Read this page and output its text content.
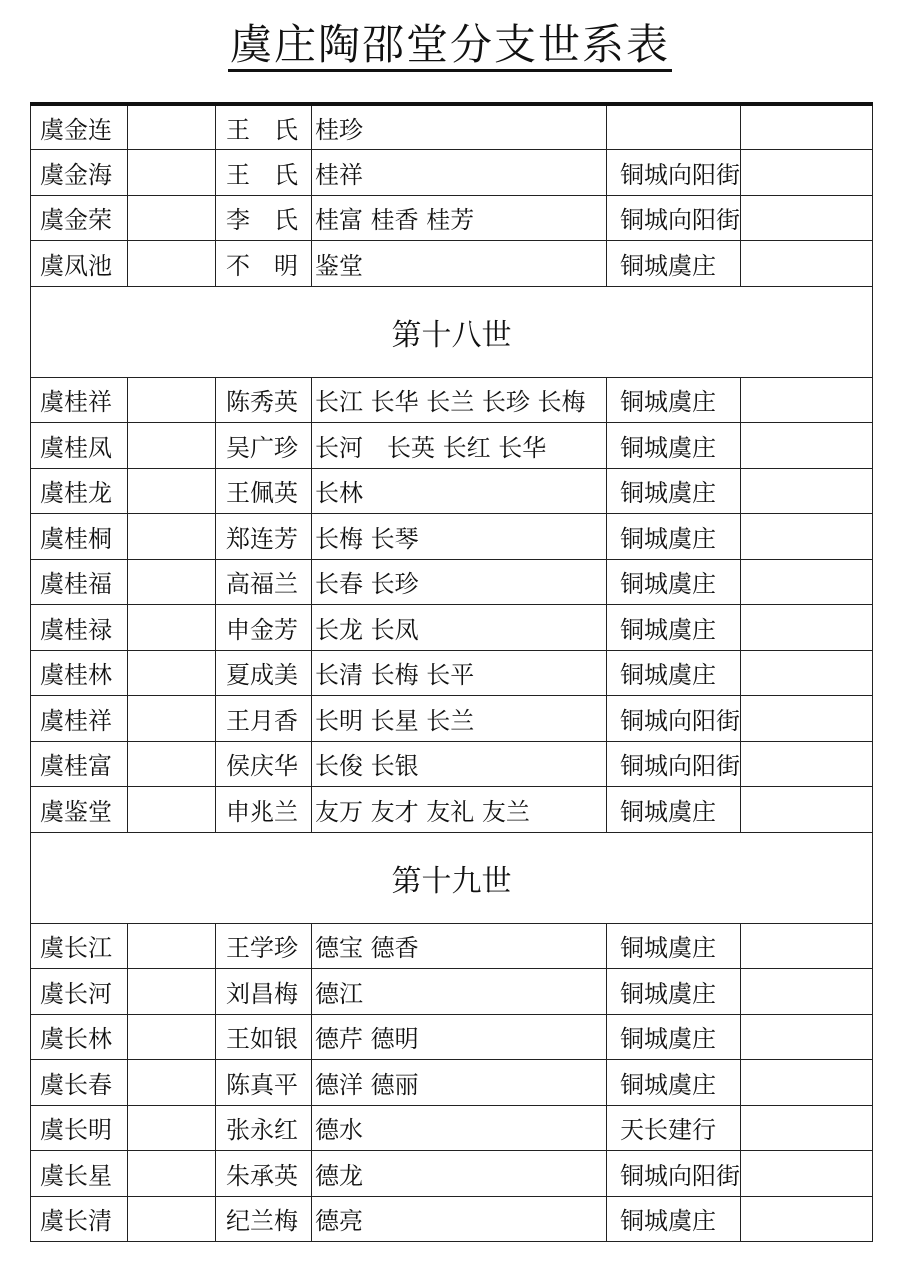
虞庄陶邵堂分支世系表
虞金连		王　氏	桂珍		
虞金海		王　氏	桂祥	铜城向阳街	
虞金荣		李　氏	桂富 桂香 桂芳	铜城向阳街	
虞凤池		不　明	鉴堂	铜城虞庄	
第十八世					
虞桂祥		陈秀英	长江 长华 长兰 长珍 长梅	铜城虞庄	
虞桂凤		吴广珍	长河　长英 长红 长华	铜城虞庄	
虞桂龙		王佩英	长林	铜城虞庄	
虞桂桐		郑连芳	长梅 长琴	铜城虞庄	
虞桂福		高福兰	长春 长珍	铜城虞庄	
虞桂禄		申金芳	长龙 长凤	铜城虞庄	
虞桂林		夏成美	长清 长梅 长平	铜城虞庄	
虞桂祥		王月香	长明 长星 长兰	铜城向阳街	
虞桂富		侯庆华	长俊 长银	铜城向阳街	
虞鉴堂		申兆兰	友万 友才 友礼 友兰	铜城虞庄	
第十九世					
虞长江		王学珍	德宝 德香	铜城虞庄	
虞长河		刘昌梅	德江	铜城虞庄	
虞长林		王如银	德芹 德明	铜城虞庄	
虞长春		陈真平	德洋 德丽	铜城虞庄	
虞长明		张永红	德水	天长建行	
虞长星		朱承英	德龙	铜城向阳街	
虞长清		纪兰梅	德亮	铜城虞庄	
